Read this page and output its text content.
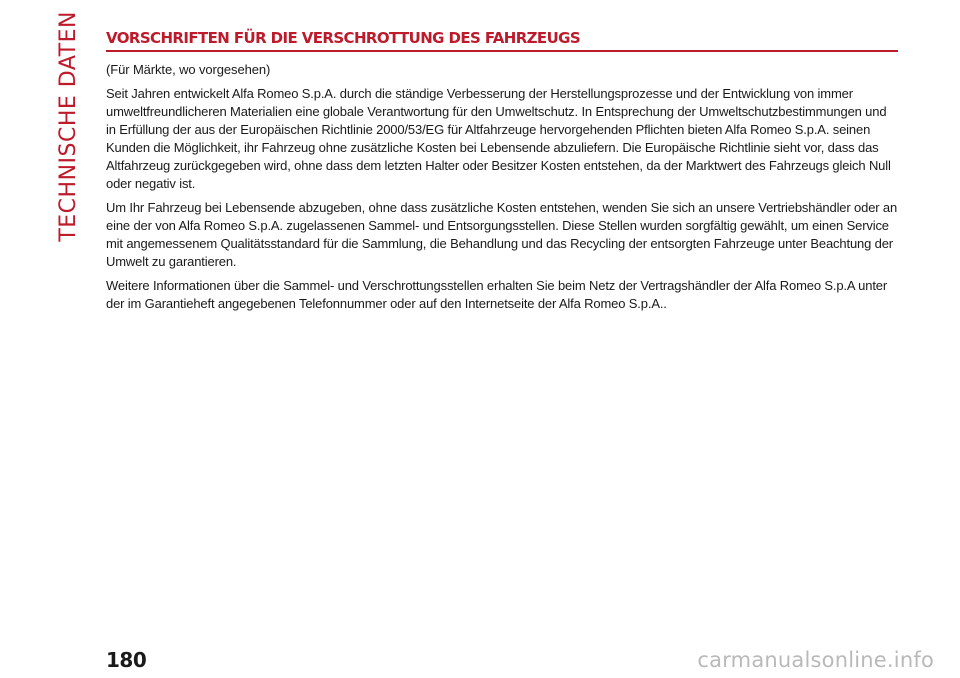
TECHNISCHE DATEN VORSCHRIFTEN FÜR DIE VERSCHROTTUNG DES FAHRZEUGS

(Für Märkte, wo vorgesehen)

Seit Jahren entwickelt Alfa Romeo S.p.A. durch die ständige Verbesserung der Herstellungsprozesse und der Entwicklung von immer umweltfreundlicheren Materialien eine globale Verantwortung für den Umweltschutz. In Entsprechung der Umweltschutzbestimmungen und in Erfüllung der aus der Europäischen Richtlinie 2000/53/EG für Altfahrzeuge hervorgehenden Pflichten bieten Alfa Romeo S.p.A. seinen Kunden die Möglichkeit, ihr Fahrzeug ohne zusätzliche Kosten bei Lebensende abzuliefern. Die Europäische Richtlinie sieht vor, dass das Altfahrzeug zurückgegeben wird, ohne dass dem letzten Halter oder Besitzer Kosten entstehen, da der Marktwert des Fahrzeugs gleich Null oder negativ ist.

Um Ihr Fahrzeug bei Lebensende abzugeben, ohne dass zusätzliche Kosten entstehen, wenden Sie sich an unsere Vertriebshändler oder an eine der von Alfa Romeo S.p.A. zugelassenen Sammel- und Entsorgungsstellen. Diese Stellen wurden sorgfältig gewählt, um einen Service mit angemessenem Qualitätsstandard für die Sammlung, die Behandlung und das Recycling der entsorgten Fahrzeuge unter Beachtung der Umwelt zu garantieren.

Weitere Informationen über die Sammel- und Verschrottungsstellen erhalten Sie beim Netz der Vertragshändler der Alfa Romeo S.p.A unter der im Garantieheft angegebenen Telefonnummer oder auf den Internetseite der Alfa Romeo S.p.A..

180	carmanualsonline.info
